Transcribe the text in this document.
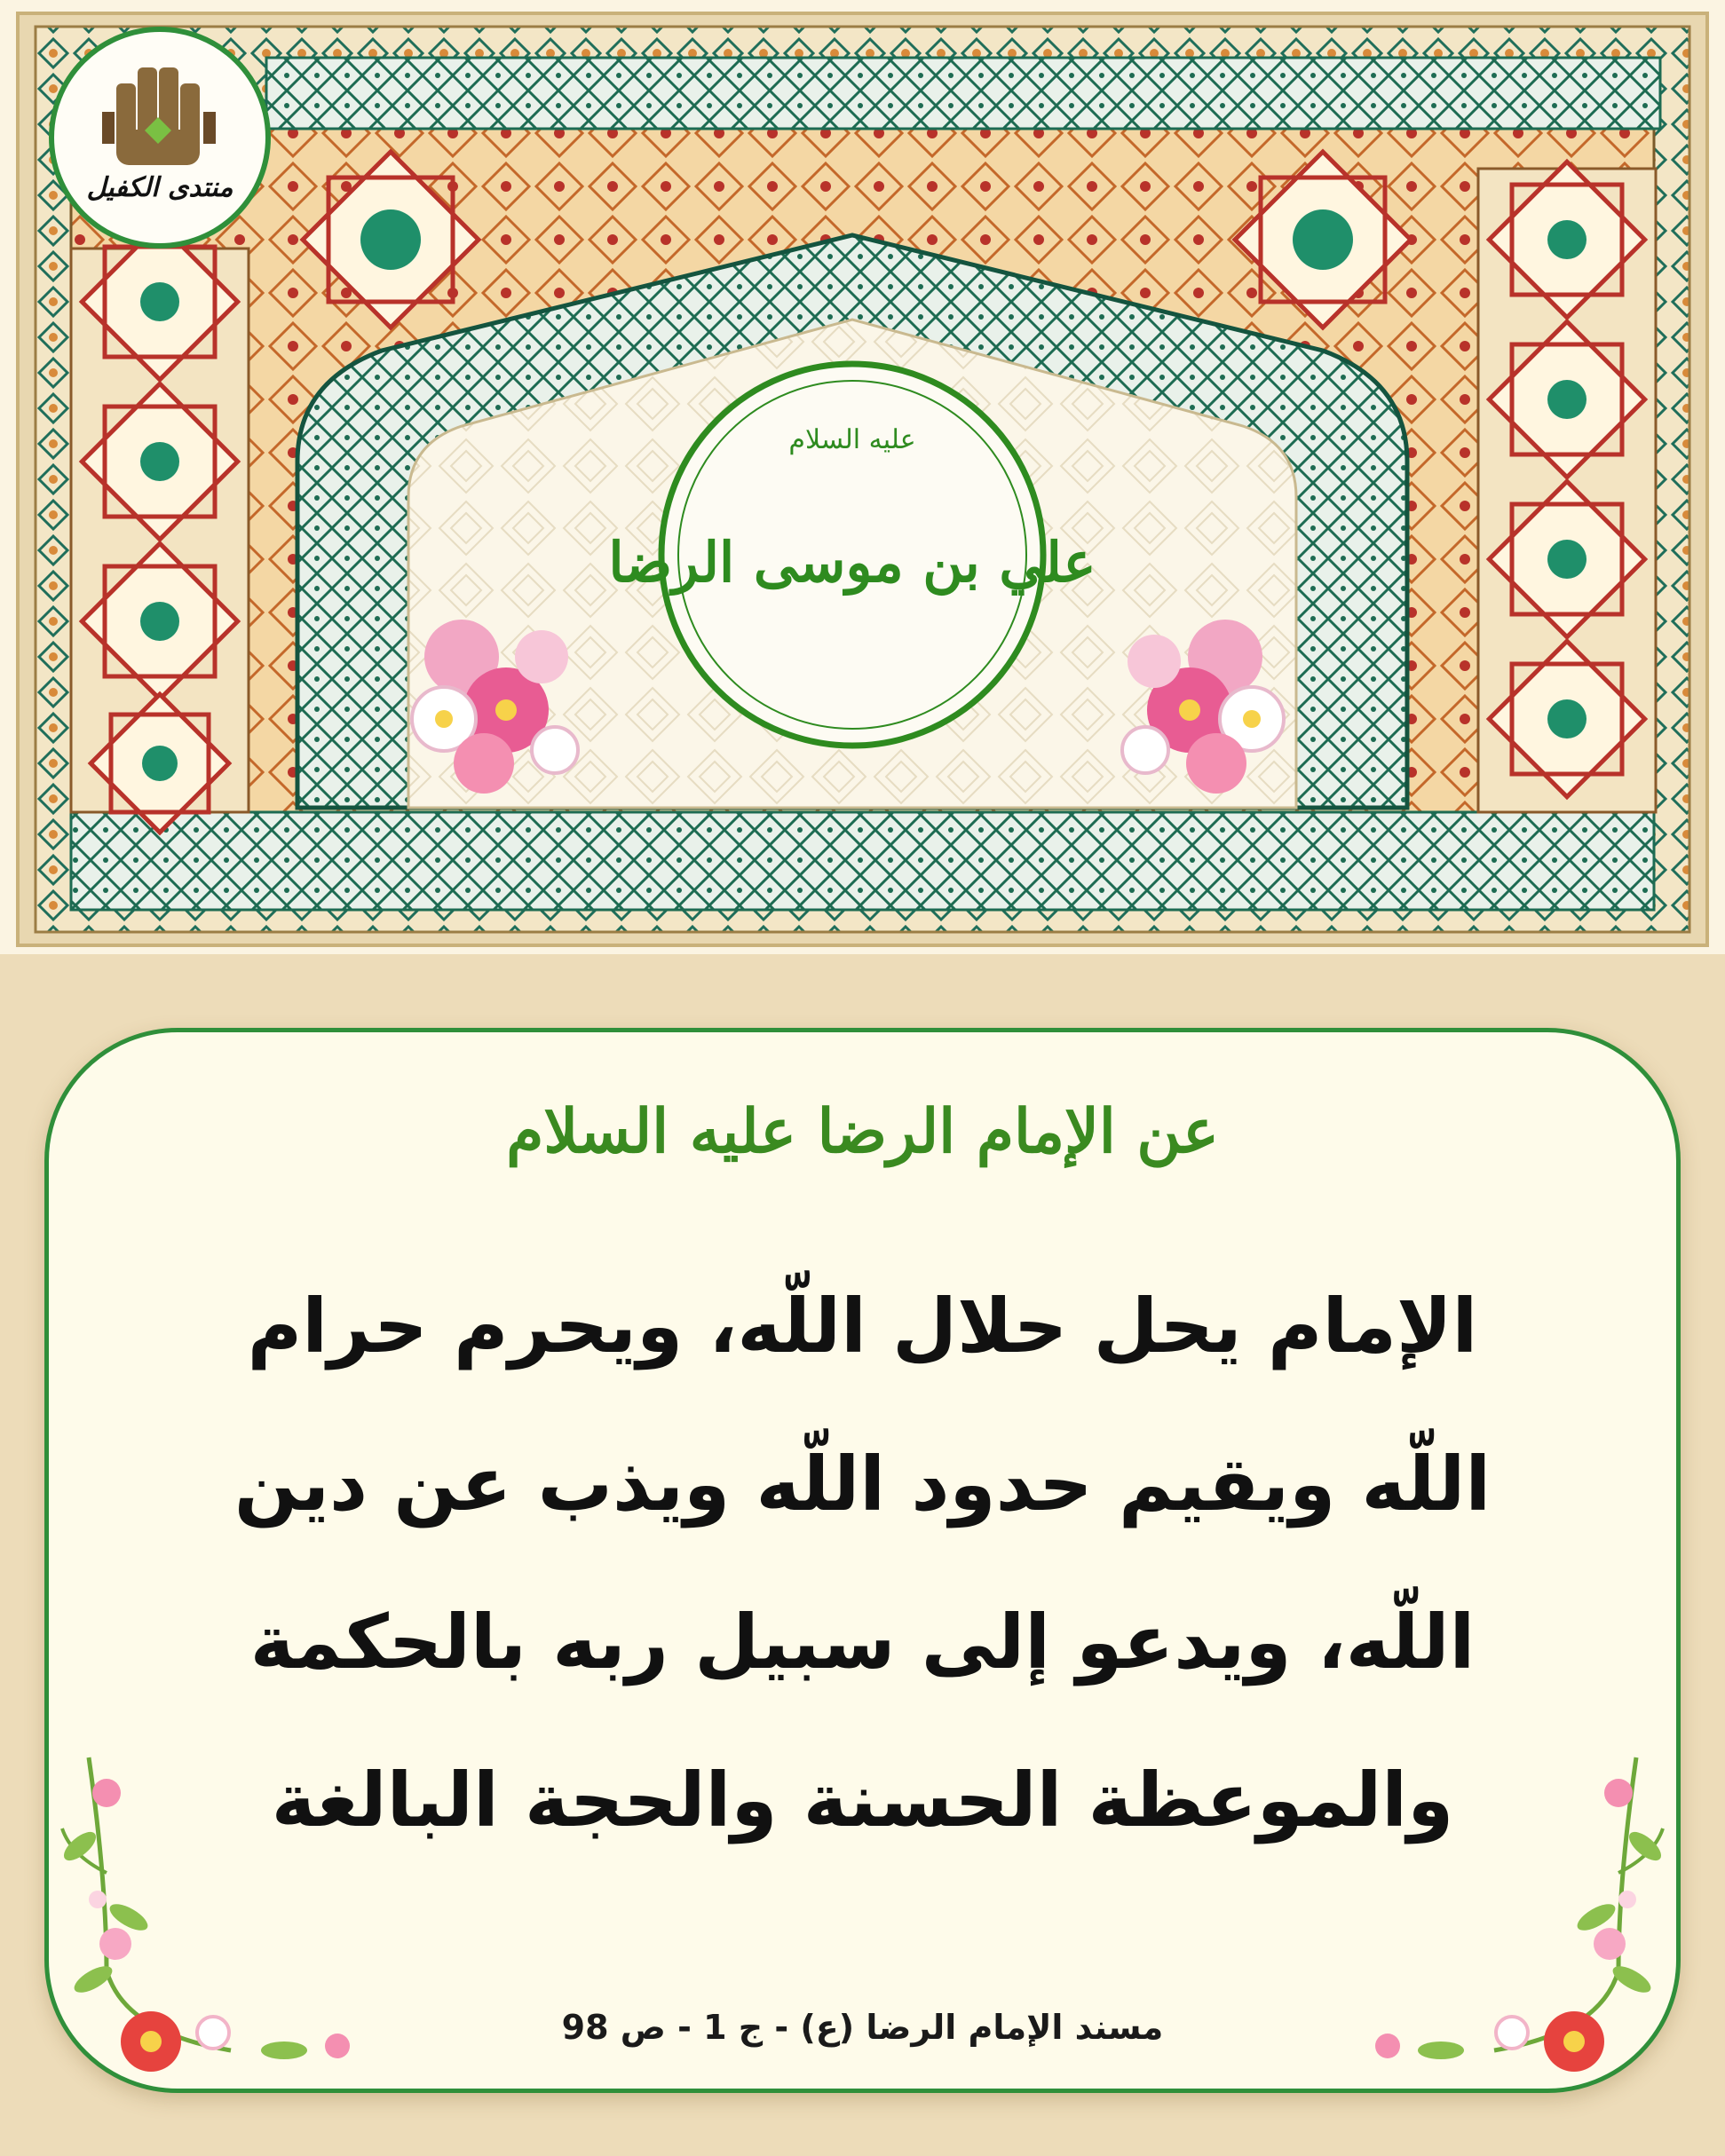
عليه السلام
علي بن موسى الرضا
منتدى الكفيل
عن الإمام الرضا عليه السلام
الإمام يحل حلال اللّه، ويحرم حرام
اللّه ويقيم حدود اللّه ويذب عن دين
اللّه، ويدعو إلى سبيل ربه بالحكمة
والموعظة الحسنة والحجة البالغة
مسند الإمام الرضا (ع) - ج 1 - ص 98
